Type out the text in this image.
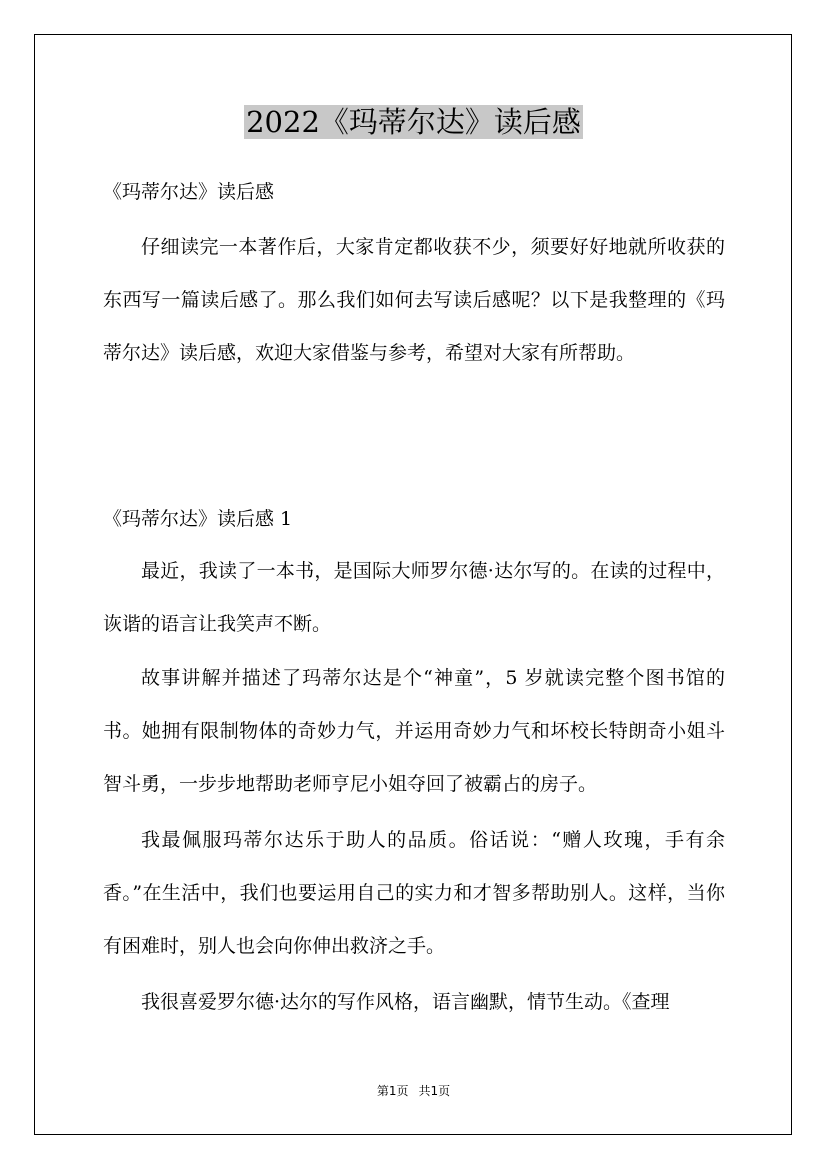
2022《玛蒂尔达》读后感
《玛蒂尔达》读后感

仔细读完一本著作后，大家肯定都收获不少，须要好好地就所收获的东西写一篇读后感了。那么我们如何去写读后感呢？以下是我整理的《玛蒂尔达》读后感，欢迎大家借鉴与参考，希望对大家有所帮助。

《玛蒂尔达》读后感 1

最近，我读了一本书，是国际大师罗尔德·达尔写的。在读的过程中，诙谐的语言让我笑声不断。

故事讲解并描述了玛蒂尔达是个“神童”，5 岁就读完整个图书馆的书。她拥有限制物体的奇妙力气，并运用奇妙力气和坏校长特朗奇小姐斗智斗勇，一步步地帮助老师亨尼小姐夺回了被霸占的房子。

我最佩服玛蒂尔达乐于助人的品质。俗话说：“赠人玫瑰，手有余香。”在生活中，我们也要运用自己的实力和才智多帮助别人。这样，当你有困难时，别人也会向你伸出救济之手。

我很喜爱罗尔德·达尔的写作风格，语言幽默，情节生动。《查理

第1页 共1页
